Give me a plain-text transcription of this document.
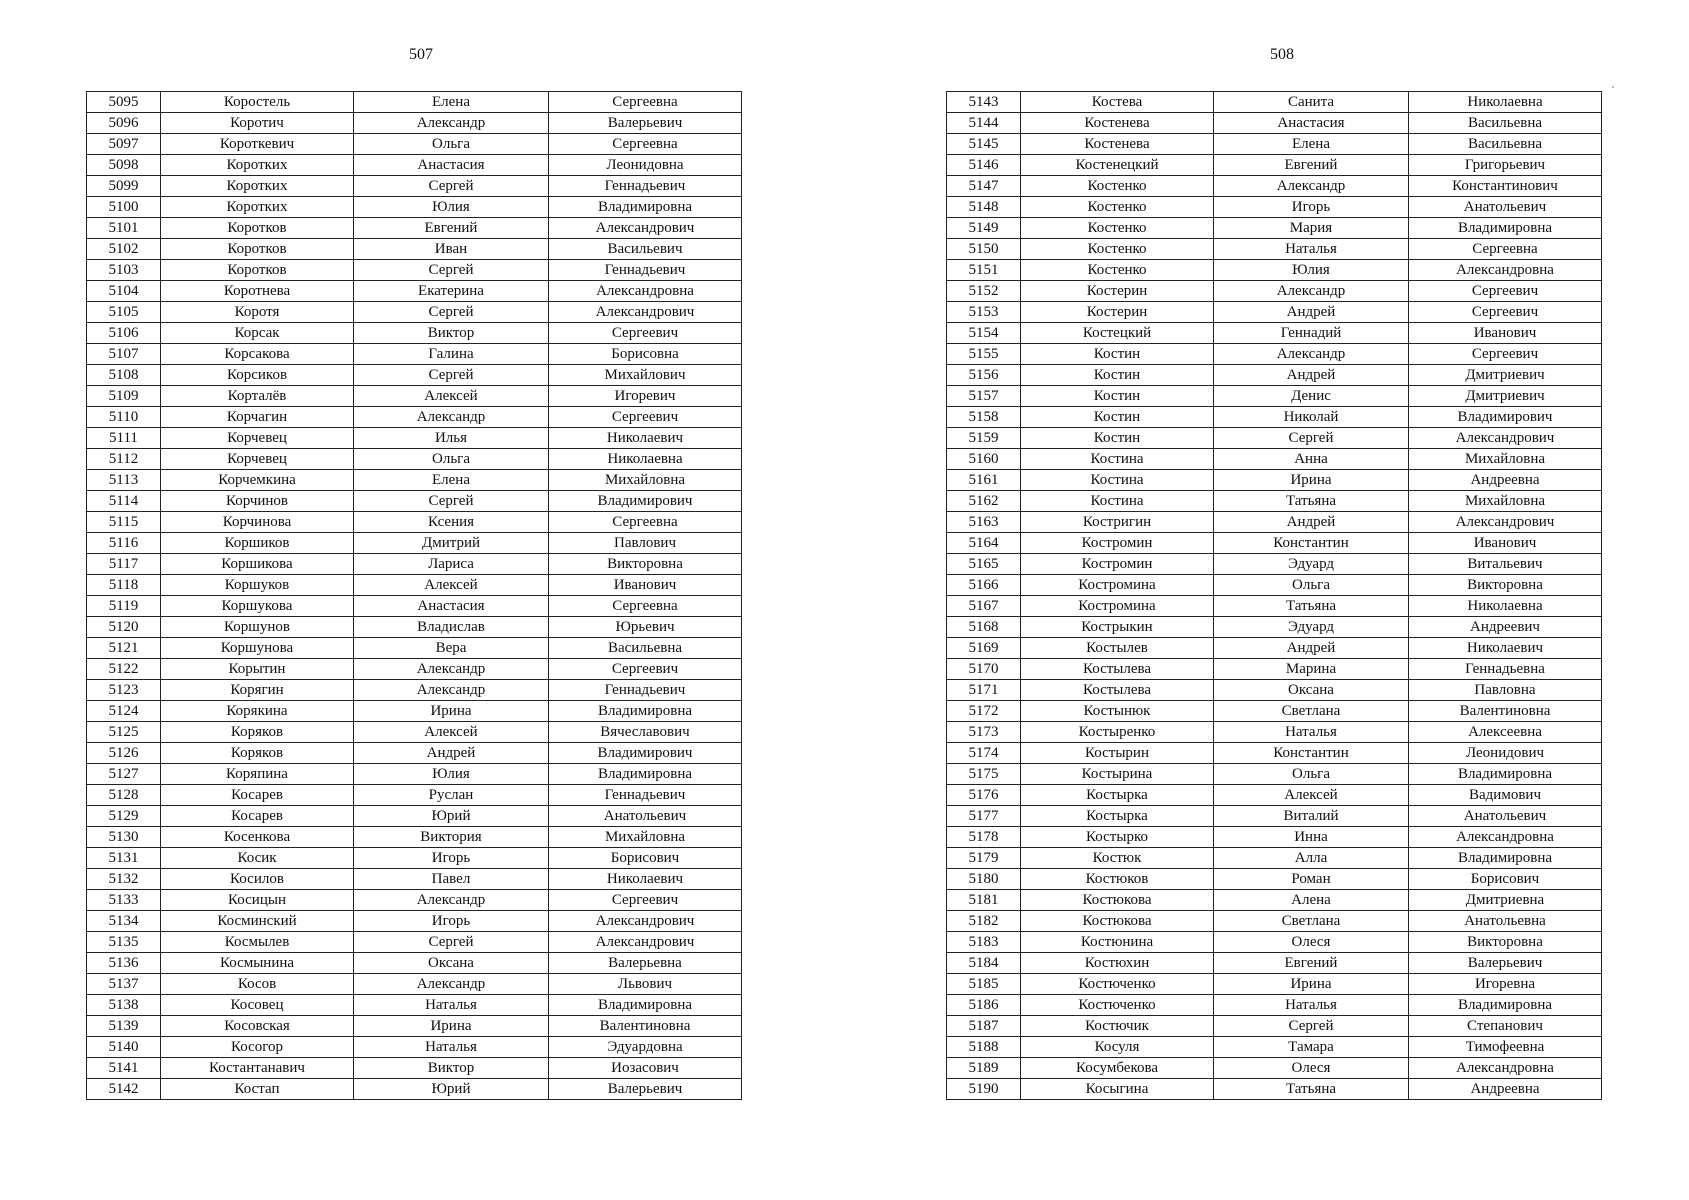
507	508
5095	Коростель	Елена	Сергеевна
5096	Коротич	Александр	Валерьевич
5097	Короткевич	Ольга	Сергеевна
5098	Коротких	Анастасия	Леонидовна
5099	Коротких	Сергей	Геннадьевич
5100	Коротких	Юлия	Владимировна
5101	Коротков	Евгений	Александрович
5102	Коротков	Иван	Васильевич
5103	Коротков	Сергей	Геннадьевич
5104	Коротнева	Екатерина	Александровна
5105	Коротя	Сергей	Александрович
5106	Корсак	Виктор	Сергеевич
5107	Корсакова	Галина	Борисовна
5108	Корсиков	Сергей	Михайлович
5109	Корталёв	Алексей	Игоревич
5110	Корчагин	Александр	Сергеевич
5111	Корчевец	Илья	Николаевич
5112	Корчевец	Ольга	Николаевна
5113	Корчемкина	Елена	Михайловна
5114	Корчинов	Сергей	Владимирович
5115	Корчинова	Ксения	Сергеевна
5116	Коршиков	Дмитрий	Павлович
5117	Коршикова	Лариса	Викторовна
5118	Коршуков	Алексей	Иванович
5119	Коршукова	Анастасия	Сергеевна
5120	Коршунов	Владислав	Юрьевич
5121	Коршунова	Вера	Васильевна
5122	Корытин	Александр	Сергеевич
5123	Корягин	Александр	Геннадьевич
5124	Корякина	Ирина	Владимировна
5125	Коряков	Алексей	Вячеславович
5126	Коряков	Андрей	Владимирович
5127	Коряпина	Юлия	Владимировна
5128	Косарев	Руслан	Геннадьевич
5129	Косарев	Юрий	Анатольевич
5130	Косенкова	Виктория	Михайловна
5131	Косик	Игорь	Борисович
5132	Косилов	Павел	Николаевич
5133	Косицын	Александр	Сергеевич
5134	Косминский	Игорь	Александрович
5135	Космылев	Сергей	Александрович
5136	Космынина	Оксана	Валерьевна
5137	Косов	Александр	Львович
5138	Косовец	Наталья	Владимировна
5139	Косовская	Ирина	Валентиновна
5140	Косогор	Наталья	Эдуардовна
5141	Костантанавич	Виктор	Иозасович
5142	Костап	Юрий	Валерьевич
5143	Костева	Санита	Николаевна
5144	Костенева	Анастасия	Васильевна
5145	Костенева	Елена	Васильевна
5146	Костенецкий	Евгений	Григорьевич
5147	Костенко	Александр	Константинович
5148	Костенко	Игорь	Анатольевич
5149	Костенко	Мария	Владимировна
5150	Костенко	Наталья	Сергеевна
5151	Костенко	Юлия	Александровна
5152	Костерин	Александр	Сергеевич
5153	Костерин	Андрей	Сергеевич
5154	Костецкий	Геннадий	Иванович
5155	Костин	Александр	Сергеевич
5156	Костин	Андрей	Дмитриевич
5157	Костин	Денис	Дмитриевич
5158	Костин	Николай	Владимирович
5159	Костин	Сергей	Александрович
5160	Костина	Анна	Михайловна
5161	Костина	Ирина	Андреевна
5162	Костина	Татьяна	Михайловна
5163	Костригин	Андрей	Александрович
5164	Костромин	Константин	Иванович
5165	Костромин	Эдуард	Витальевич
5166	Костромина	Ольга	Викторовна
5167	Костромина	Татьяна	Николаевна
5168	Кострыкин	Эдуард	Андреевич
5169	Костылев	Андрей	Николаевич
5170	Костылева	Марина	Геннадьевна
5171	Костылева	Оксана	Павловна
5172	Костынюк	Светлана	Валентиновна
5173	Костыренко	Наталья	Алексеевна
5174	Костырин	Константин	Леонидович
5175	Костырина	Ольга	Владимировна
5176	Костырка	Алексей	Вадимович
5177	Костырка	Виталий	Анатольевич
5178	Костырко	Инна	Александровна
5179	Костюк	Алла	Владимировна
5180	Костюков	Роман	Борисович
5181	Костюкова	Алена	Дмитриевна
5182	Костюкова	Светлана	Анатольевна
5183	Костюнина	Олеся	Викторовна
5184	Костюхин	Евгений	Валерьевич
5185	Костюченко	Ирина	Игоревна
5186	Костюченко	Наталья	Владимировна
5187	Костючик	Сергей	Степанович
5188	Косуля	Тамара	Тимофеевна
5189	Косумбекова	Олеся	Александровна
5190	Косыгина	Татьяна	Андреевна
